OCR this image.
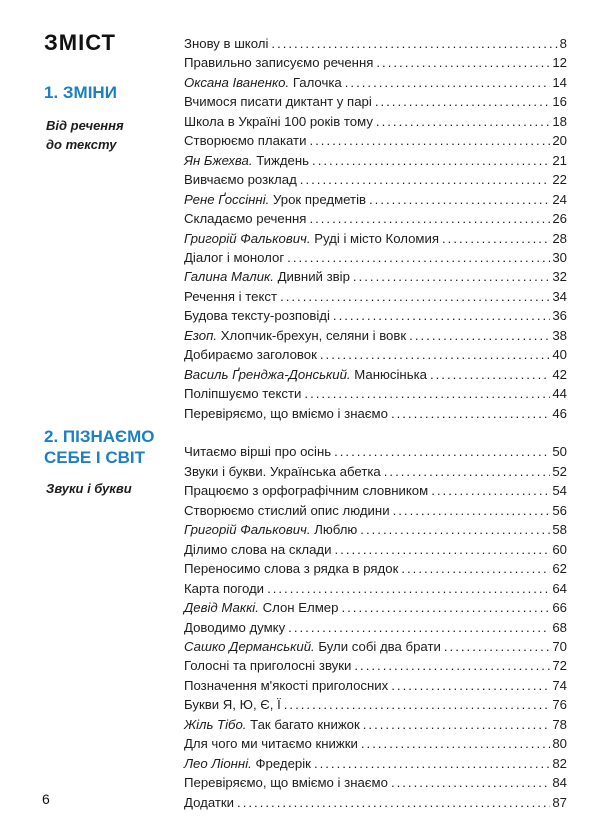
ЗМІСТ
1. ЗМІНИ
Від речення
до тексту
2. ПІЗНАЄМО
СЕБЕ І СВІТ
Звуки і букви
Знову в школі .....	8
Правильно записуємо речення .....	12
Оксана Іваненко. Галочка .....	14
Вчимося писати диктант у парі .....	16
Школа в Україні 100 років тому .....	18
Створюємо плакати .....	20
Ян Бжехва. Тиждень .....	21
Вивчаємо розклад .....	22
Рене Ґоссінні. Урок предметів .....	24
Складаємо речення .....	26
Григорій Фалькович. Руді і місто Коломия .....	28
Діалог і монолог .....	30
Галина Малик. Дивний звір .....	32
Речення і текст .....	34
Будова тексту-розповіді .....	36
Езоп. Хлопчик-брехун, селяни і вовк .....	38
Добираємо заголовок .....	40
Василь Ґренджа-Донський. Манюсінька .....	42
Поліпшуємо тексти .....	44
Перевіряємо, що вміємо і знаємо .....	46
Читаємо вірші про осінь .....	50
Звуки і букви. Українська абетка .....	52
Працюємо з орфографічним словником .....	54
Створюємо стислий опис людини .....	56
Григорій Фалькович. Люблю .....	58
Ділимо слова на склади .....	60
Переносимо слова з рядка в рядок .....	62
Карта погоди .....	64
Девід Маккі. Слон Елмер .....	66
Доводимо думку .....	68
Сашко Дерманський. Були собі два брати .....	70
Голосні та приголосні звуки .....	72
Позначення м'якості приголосних .....	74
Букви Я, Ю, Є, Ї .....	76
Жіль Тібо. Так багато книжок .....	78
Для чого ми читаємо книжки .....	80
Лео Лiонні. Фредерік .....	82
Перевіряємо, що вміємо і знаємо .....	84
Додатки .....	87
6
